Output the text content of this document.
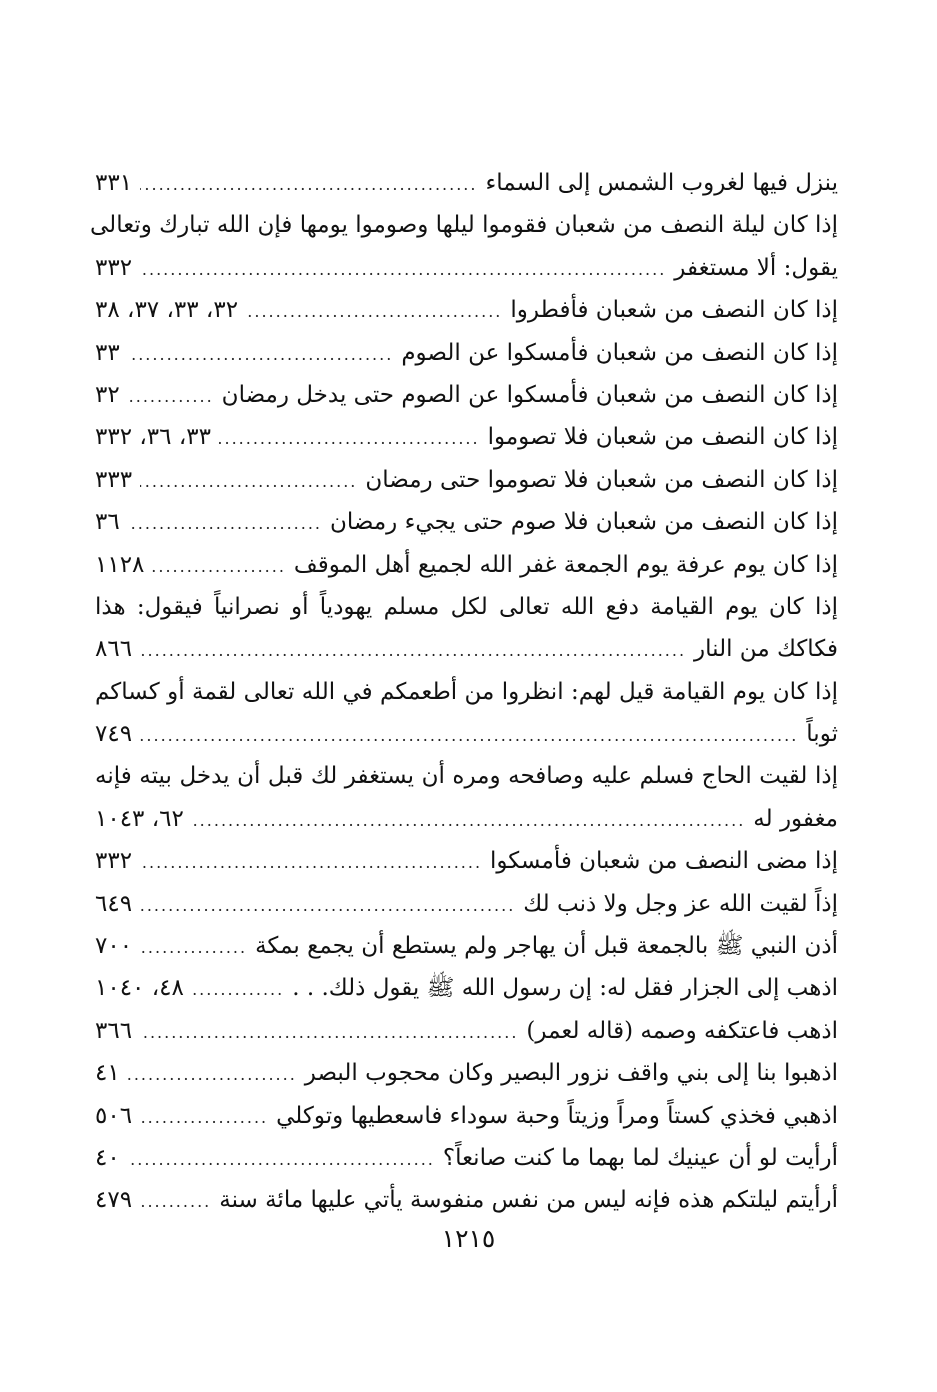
ينزل فيها لغروب الشمس إلى السماء
.....
٣٣١
إذا كان ليلة النصف من شعبان فقوموا ليلها وصوموا يومها فإن الله تبارك وتعالى
يقول: ألا مستغفر
.....
٣٣٢
إذا كان النصف من شعبان فأفطروا
.....
٣٢، ٣٣، ٣٧، ٣٨
إذا كان النصف من شعبان فأمسكوا عن الصوم
.....
٣٣
إذا كان النصف من شعبان فأمسكوا عن الصوم حتى يدخل رمضان
.....
٣٢
إذا كان النصف من شعبان فلا تصوموا
.....
٣٣، ٣٦، ٣٣٢
إذا كان النصف من شعبان فلا تصوموا حتى رمضان
.....
٣٣٣
إذا كان النصف من شعبان فلا صوم حتى يجيء رمضان
.....
٣٦
إذا كان يوم عرفة يوم الجمعة غفر الله لجميع أهل الموقف
.....
١١٢٨
إذا كان يوم القيامة دفع الله تعالى لكل مسلم يهودياً أو نصرانياً فيقول: هذا
فكاكك من النار
.....
٨٦٦
إذا كان يوم القيامة قيل لهم: انظروا من أطعمكم في الله تعالى لقمة أو كساكم
ثوباً
.....
٧٤٩
إذا لقيت الحاج فسلم عليه وصافحه ومره أن يستغفر لك قبل أن يدخل بيته فإنه
مغفور له
.....
٦٢، ١٠٤٣
إذا مضى النصف من شعبان فأمسكوا
.....
٣٣٢
إذاً لقيت الله عز وجل ولا ذنب لك
.....
٦٤٩
أذن النبي ﷺ بالجمعة قبل أن يهاجر ولم يستطع أن يجمع بمكة
.....
٧٠٠
اذهب إلى الجزار فقل له: إن رسول الله ﷺ يقول ذلك. . .
.....
٤٨، ١٠٤٠
اذهب فاعتكفه وصمه (قاله لعمر)
.....
٣٦٦
اذهبوا بنا إلى بني واقف نزور البصير وكان محجوب البصر
.....
٤١
اذهبي فخذي كستاً ومراً وزيتاً وحبة سوداء فاسعطيها وتوكلي
.....
٥٠٦
أرأيت لو أن عينيك لما بهما ما كنت صانعاً؟
.....
٤٠
أرأيتم ليلتكم هذه فإنه ليس من نفس منفوسة يأتي عليها مائة سنة
.....
٤٧٩
١٢١٥
